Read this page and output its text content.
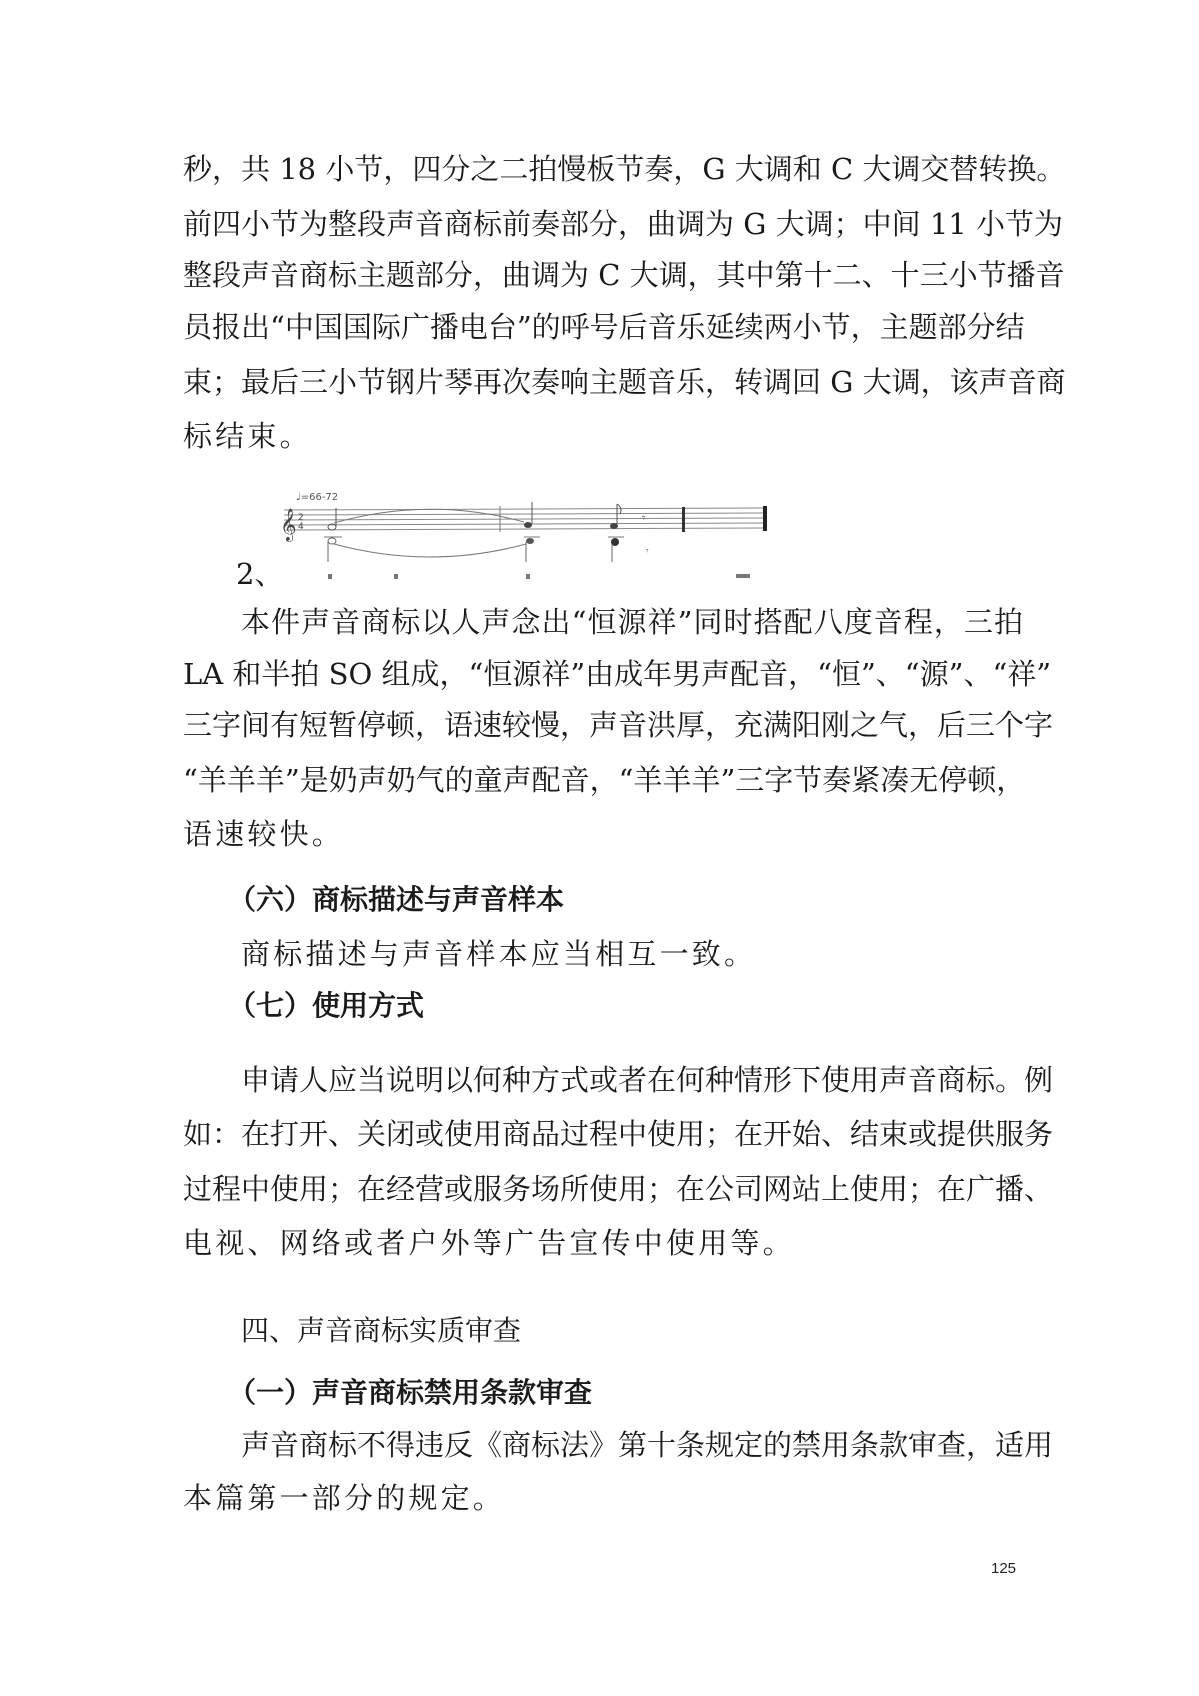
秒，共 18 小节，四分之二拍慢板节奏，G 大调和 C 大调交替转换。
前四小节为整段声音商标前奏部分，曲调为 G 大调；中间 11 小节为
整段声音商标主题部分，曲调为 C 大调，其中第十二、十三小节播音
员报出“中国国际广播电台”的呼号后音乐延续两小节，主题部分结
束；最后三小节钢片琴再次奏响主题音乐，转调回 G 大调，该声音商
标结束。
2、
♩=66-72
𝄞 2
4
𝄾
𝄾
本件声音商标以人声念出“恒源祥”同时搭配八度音程，三拍
LA 和半拍 SO 组成，“恒源祥”由成年男声配音，“恒”、“源”、“祥”
三字间有短暂停顿，语速较慢，声音洪厚，充满阳刚之气，后三个字
“羊羊羊”是奶声奶气的童声配音，“羊羊羊”三字节奏紧凑无停顿，
语速较快。
（六）商标描述与声音样本
商标描述与声音样本应当相互一致。
（七）使用方式
申请人应当说明以何种方式或者在何种情形下使用声音商标。例
如：在打开、关闭或使用商品过程中使用；在开始、结束或提供服务
过程中使用；在经营或服务场所使用；在公司网站上使用；在广播、
电视、网络或者户外等广告宣传中使用等。
四、声音商标实质审查
（一）声音商标禁用条款审查
声音商标不得违反《商标法》第十条规定的禁用条款审查，适用
本篇第一部分的规定。
125
